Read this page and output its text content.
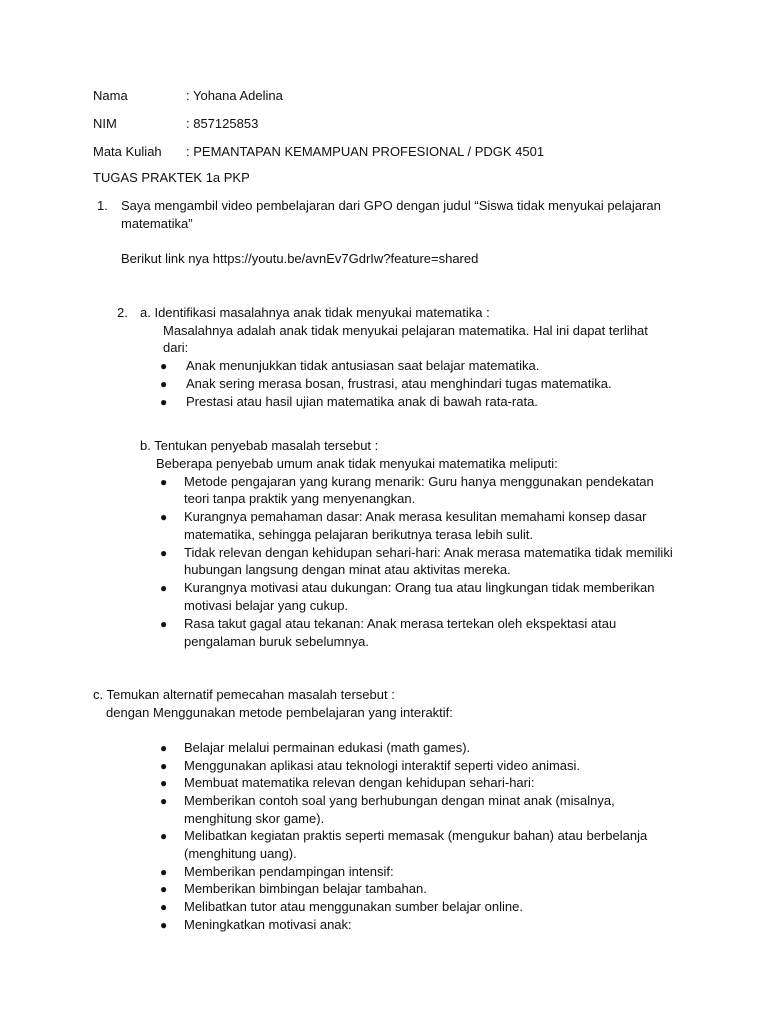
Nama	: Yohana Adelina
NIM	: 857125853
Mata Kuliah : PEMANTAPAN KEMAMPUAN PROFESIONAL / PDGK 4501
TUGAS PRAKTEK 1a PKP
1. Saya mengambil video pembelajaran dari GPO dengan judul “Siswa tidak menyukai pelajaran
matematika”
Berikut link nya https://youtu.be/avnEv7GdrIw?feature=shared
2. a. Identifikasi masalahnya anak tidak menyukai matematika :
Masalahnya adalah anak tidak menyukai pelajaran matematika. Hal ini dapat terlihat
dari:
● Anak menunjukkan tidak antusiasan saat belajar matematika.
● Anak sering merasa bosan, frustrasi, atau menghindari tugas matematika.
● Prestasi atau hasil ujian matematika anak di bawah rata-rata.
b. Tentukan penyebab masalah tersebut :
Beberapa penyebab umum anak tidak menyukai matematika meliputi:
● Metode pengajaran yang kurang menarik: Guru hanya menggunakan pendekatan
teori tanpa praktik yang menyenangkan.
● Kurangnya pemahaman dasar: Anak merasa kesulitan memahami konsep dasar
matematika, sehingga pelajaran berikutnya terasa lebih sulit.
● Tidak relevan dengan kehidupan sehari-hari: Anak merasa matematika tidak memiliki
hubungan langsung dengan minat atau aktivitas mereka.
● Kurangnya motivasi atau dukungan: Orang tua atau lingkungan tidak memberikan
motivasi belajar yang cukup.
● Rasa takut gagal atau tekanan: Anak merasa tertekan oleh ekspektasi atau
pengalaman buruk sebelumnya.
c. Temukan alternatif pemecahan masalah tersebut :
dengan Menggunakan metode pembelajaran yang interaktif:
● Belajar melalui permainan edukasi (math games).
● Menggunakan aplikasi atau teknologi interaktif seperti video animasi.
● Membuat matematika relevan dengan kehidupan sehari-hari:
● Memberikan contoh soal yang berhubungan dengan minat anak (misalnya,
menghitung skor game).
● Melibatkan kegiatan praktis seperti memasak (mengukur bahan) atau berbelanja
(menghitung uang).
● Memberikan pendampingan intensif:
● Memberikan bimbingan belajar tambahan.
● Melibatkan tutor atau menggunakan sumber belajar online.
● Meningkatkan motivasi anak:
